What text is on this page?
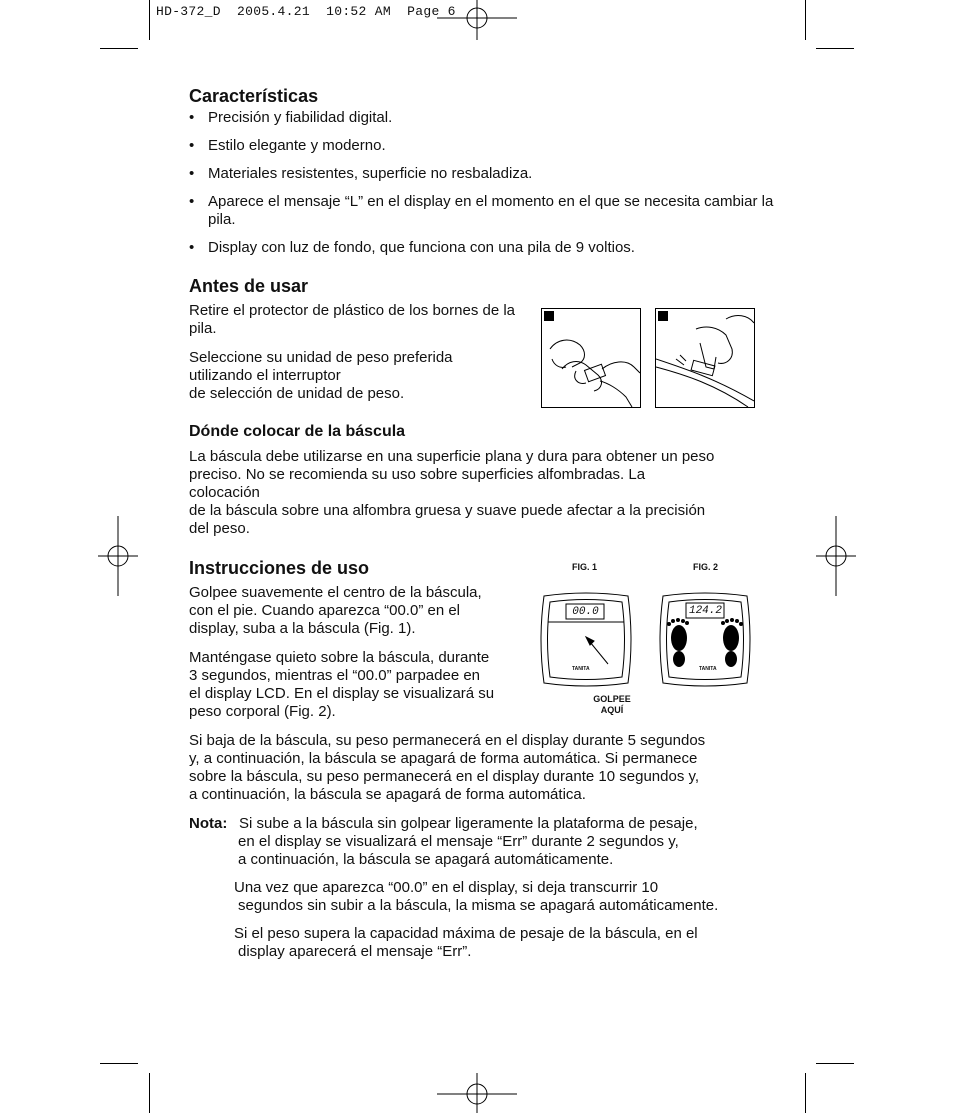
HD-372_D  2005.4.21  10:52 AM  Page 6
Características
• Precisión y fiabilidad digital.
• Estilo elegante y moderno.
• Materiales resistentes, superficie no resbaladiza.
• Aparece el mensaje “L” en el display en el momento en el que se necesita cambiar la pila.
• Display con luz de fondo, que funciona con una pila de 9 voltios.
Antes de usar
Retire el protector de plástico de los bornes de la pila.
Seleccione su unidad de peso preferida
utilizando el interruptor
de selección de unidad de peso.
Dónde colocar de la báscula
La báscula debe utilizarse en una superficie plana y dura para obtener un peso
preciso. No se recomienda su uso sobre superficies alfombradas. La
colocación
de la báscula sobre una alfombra gruesa y suave puede afectar a la precisión
del peso.
Instrucciones de uso
Golpee suavemente el centro de la báscula,
con el pie. Cuando aparezca “00.0” en el
display, suba a la báscula (Fig. 1).
Manténgase quieto sobre la báscula, durante
3 segundos, mientras el “00.0” parpadee en
el display LCD. En el display se visualizará su
peso corporal (Fig. 2).
FIG. 1	FIG. 2
00.0
TANITA
124.2
TANITA
GOLPEE
AQUÍ
Si baja de la báscula, su peso permanecerá en el display durante 5 segundos
y, a continuación, la báscula se apagará de forma automática. Si permanece
sobre la báscula, su peso permanecerá en el display durante 10 segundos y,
a continuación, la báscula se apagará de forma automática.
Nota: Si sube a la báscula sin golpear ligeramente la plataforma de pesaje,
en el display se visualizará el mensaje “Err” durante 2 segundos y,
a continuación, la báscula se apagará automáticamente.
Una vez que aparezca “00.0” en el display, si deja transcurrir 10
segundos sin subir a la báscula, la misma se apagará automáticamente.
Si el peso supera la capacidad máxima de pesaje de la báscula, en el
display aparecerá el mensaje “Err”.
